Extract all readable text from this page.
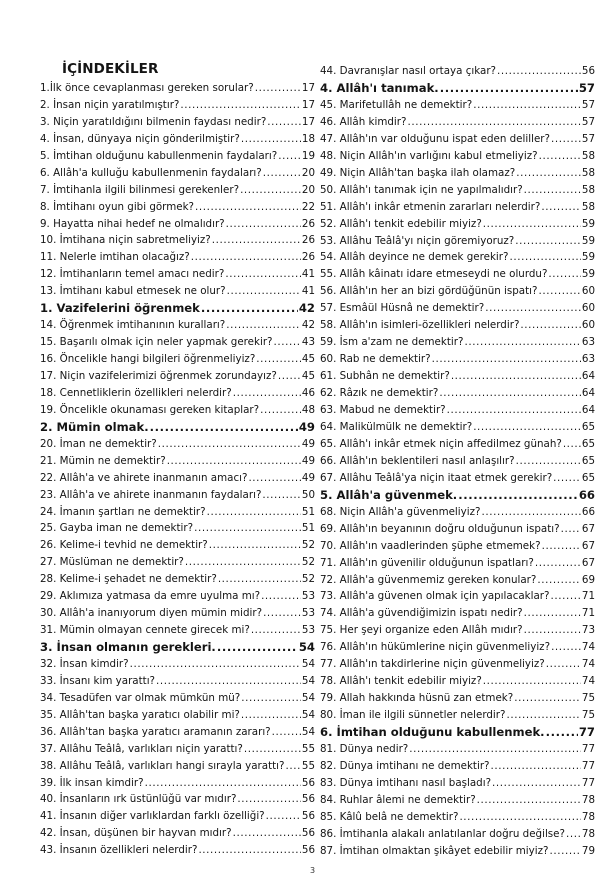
İÇİNDEKİLER
1.İlk önce cevaplanması gereken sorular? .....	17
2. İnsan niçin yaratılmıştır? .....	17
3. Niçin yaratıldığını bilmenin faydası nedir? .....	17
4. İnsan, dünyaya niçin gönderilmiştir? .....	18
5. İmtihan olduğunu kabullenmenin faydaları? ..... 19
6. Allâh'a kulluğu kabullenmenin faydaları? .....	20
7. İmtihanla ilgili bilinmesi gerekenler? .....	20
8. İmtihanı oyun gibi görmek? .....	22
9. Hayatta nihai hedef ne olmalıdır? .....	26
10. İmtihana niçin sabretmeliyiz? .....	26
11. Nelerle imtihan olacağız? .....	26
12. İmtihanların temel amacı nedir? .....	41
13. İmtihanı kabul etmesek ne olur? .....	41
1. Vazifelerini öğrenmek .....	42
14. Öğrenmek imtihanının kuralları? .....	42
15. Başarılı olmak için neler yapmak gerekir? .....	43
16. Öncelikle hangi bilgileri öğrenmeliyiz? .....	45
17. Niçin vazifelerimizi öğrenmek zorundayız? ..... 45
18. Cennetliklerin özellikleri nelerdir? .....	46
19. Öncelikle okunaması gereken kitaplar? .....	48
2. Mümin olmak. .....	49
20. İman ne demektir? .....	49
21. Mümin ne demektir? .....	49
22. Allâh'a ve ahirete inanmanın amacı? .....	49
23. Allâh'a ve ahirete inanmanın faydaları? .....	50
24. İmanın şartları ne demektir? .....	51
25. Gayba iman ne demektir? .....	51
26. Kelime-i tevhid ne demektir? .....	52
27. Müslüman ne demektir? .....	52
28. Kelime-i şehadet ne demektir? .....	52
29. Aklımıza yatmasa da emre uyulma mı? .....	53
30. Allâh'a inanıyorum diyen mümin midir? .....	53
31. Mümin olmayan cennete girecek mi? .....	53
3. İnsan olmanın gerekleri. .....	54
32. İnsan kimdir? .....	54
33. İnsanı kim yarattı? .....	54
34. Tesadüfen var olmak mümkün mü? .....	54
35. Allâh'tan başka yaratıcı olabilir mi? .....	54
36. Allâh'tan başka yaratıcı aramanın zararı? .....	54
37. Allâhu Teâlâ, varlıkları niçin yarattı? .....	55
38. Allâhu Teâlâ, varlıkları hangi sırayla yarattı? ..... 55
39. İlk insan kimdir? .....	56
40. İnsanların ırk üstünlüğü var mıdır? .....	56
41. İnsanın diğer varlıklardan farklı özelliği? .....	56
42. İnsan, düşünen bir hayvan mıdır? .....	56
43. İnsanın özellikleri nelerdir? .....	56
44. Davranışlar nasıl ortaya çıkar? .....	56
4. Allâh'ı tanımak. .....	57
45. Marifetullâh ne demektir? .....	57
46. Allâh kimdir? .....	57
47. Allâh'ın var olduğunu ispat eden deliller? .....	57
48. Niçin Allâh'ın varlığını kabul etmeliyiz? .....	58
49. Niçin Allâh'tan başka ilah olamaz? .....	58
50. Allâh'ı tanımak için ne yapılmalıdır? .....	58
51. Allâh'ı inkâr etmenin zararları nelerdir? .....	58
52. Allâh'ı tenkit edebilir miyiz? .....	59
53. Allâhu Teâlâ'yı niçin göremiyoruz? .....	59
54. Allâh deyince ne demek gerekir? .....	59
55. Allâh kâinatı idare etmeseydi ne olurdu? .....	59
56. Allâh'ın her an bizi gördüğünün ispatı? .....	60
57. Esmâül Hüsnâ ne demektir? .....	60
58. Allâh'ın isimleri-özellikleri nelerdir? .....	60
59. İsm a'zam ne demektir? .....	63
60. Rab ne demektir? .....	63
61. Subhân ne demektir? .....	64
62. Râzık ne demektir? .....	64
63. Mabud ne demektir? .....	64
64. Malikülmülk ne demektir? .....	65
65. Allâh'ı inkâr etmek niçin affedilmez günah? ..... 65
66. Allâh'ın beklentileri nasıl anlaşılır? .....	65
67. Allâhu Teâlâ'ya niçin itaat etmek gerekir? .....	65
5. Allâh'a güvenmek. .....	66
68. Niçin Allâh'a güvenmeliyiz? .....	66
69. Allâh'ın beyanının doğru olduğunun ispatı? ..... 67
70. Allâh'ın vaadlerinden şüphe etmemek? .....	67
71. Allâh'ın güvenilir olduğunun ispatları? .....	67
72. Allâh'a güvenmemiz gereken konular? .....	69
73. Allâh'a güvenen olmak için yapılacaklar? .....	71
74. Allâh'a güvendiğimizin ispatı nedir? .....	71
75. Her şeyi organize eden Allâh mıdır? .....	73
76. Allâh'ın hükümlerine niçin güvenmeliyiz? .....	74
77. Allâh'ın takdirlerine niçin güvenmeliyiz? .....	74
78. Allâh'ı tenkit edebilir miyiz? .....	74
79. Allah hakkında hüsnü zan etmek? .....	75
80. İman ile ilgili sünnetler nelerdir? .....	75
6. İmtihan olduğunu kabullenmek. .....	77
81. Dünya nedir? .....	77
82. Dünya imtihanı ne demektir? .....	77
83. Dünya imtihanı nasıl başladı? .....	77
84. Ruhlar âlemi ne demektir? .....	78
85. Kâlû belâ ne demektir? .....	78
86. İmtihanla alakalı anlatılanlar doğru değilse? ..... 78
87. İmtihan olmaktan şikâyet edebilir miyiz? .....	79
3
